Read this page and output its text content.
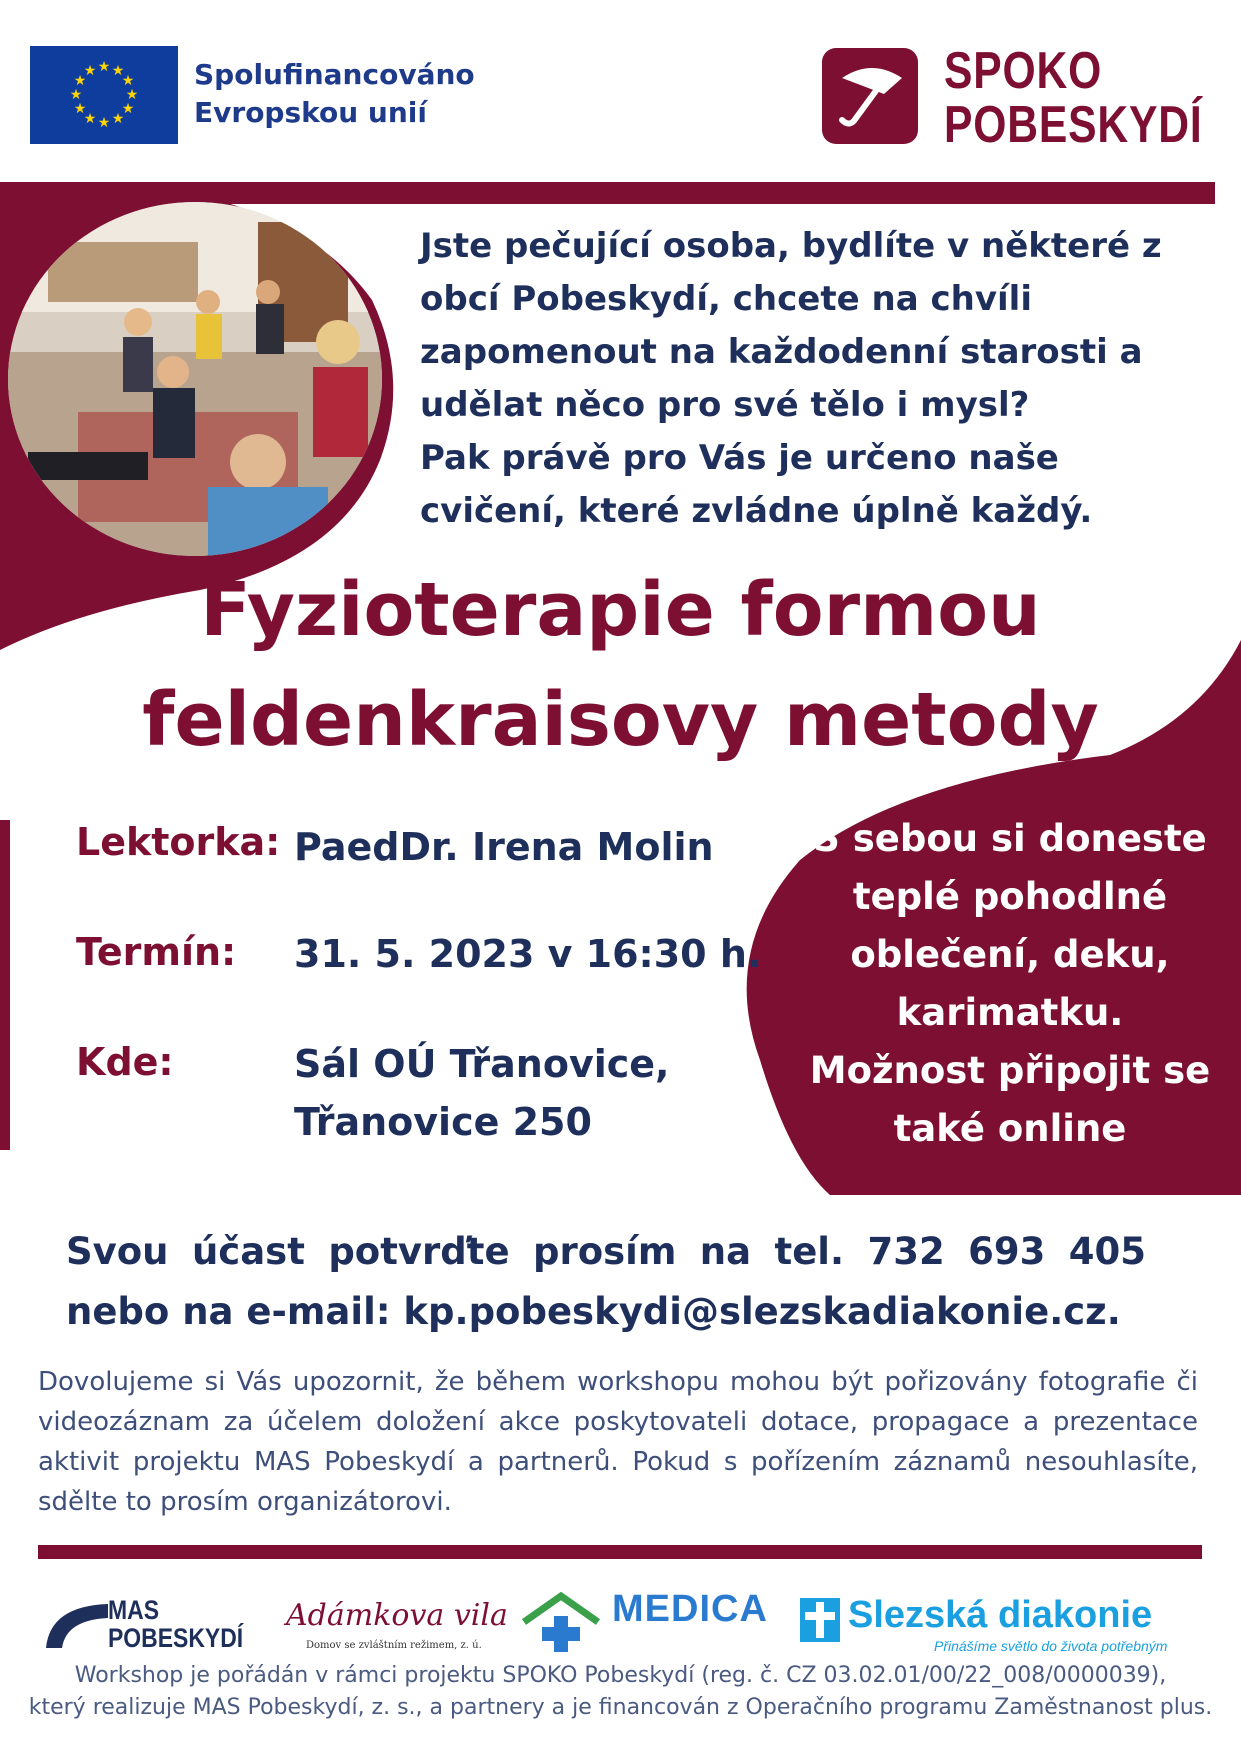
★ ★
★
★
★
★
★
★
★
★
★
★	Spolufinancováno
Evropskou unií
SPOKO
POBESKYDÍ
Jste pečující osoba, bydlíte v některé z
obcí Pobeskydí, chcete na chvíli
zapomenout na každodenní starosti a
udělat něco pro své tělo i mysl?
Pak právě pro Vás je určeno naše
cvičení, které zvládne úplně každý.
Fyzioterapie formou
feldenkraisovy metody
Lektorka: PaedDr. Irena Molin
Termín: 31. 5. 2023 v 16:30 h.
Kde:	Sál OÚ Třanovice,
Třanovice 250
S sebou si doneste
teplé pohodlné
oblečení, deku,
karimatku.
Možnost připojit se
také online
Svou účast potvrďte prosím na tel. 732 693 405
nebo na e-mail: kp.pobeskydi@slezskadiakonie.cz.
Dovolujeme si Vás upozornit, že během workshopu mohou být pořizovány fotografie či videozáznam za účelem doložení akce poskytovateli dotace, propagace a prezentace aktivit projektu MAS Pobeskydí a partnerů. Pokud s pořízením záznamů nesouhlasíte, sdělte to prosím organizátorovi.
MAS
POBESKYDÍ
Adámkova vila
Domov se zvláštním režimem, z. ú.
MEDICA Slezská diakonie
Přinášíme světlo do života potřebným
Workshop je pořádán v rámci projektu SPOKO Pobeskydí (reg. č. CZ 03.02.01/00/22_008/0000039),
který realizuje MAS Pobeskydí, z. s., a partnery a je financován z Operačního programu Zaměstnanost plus.
